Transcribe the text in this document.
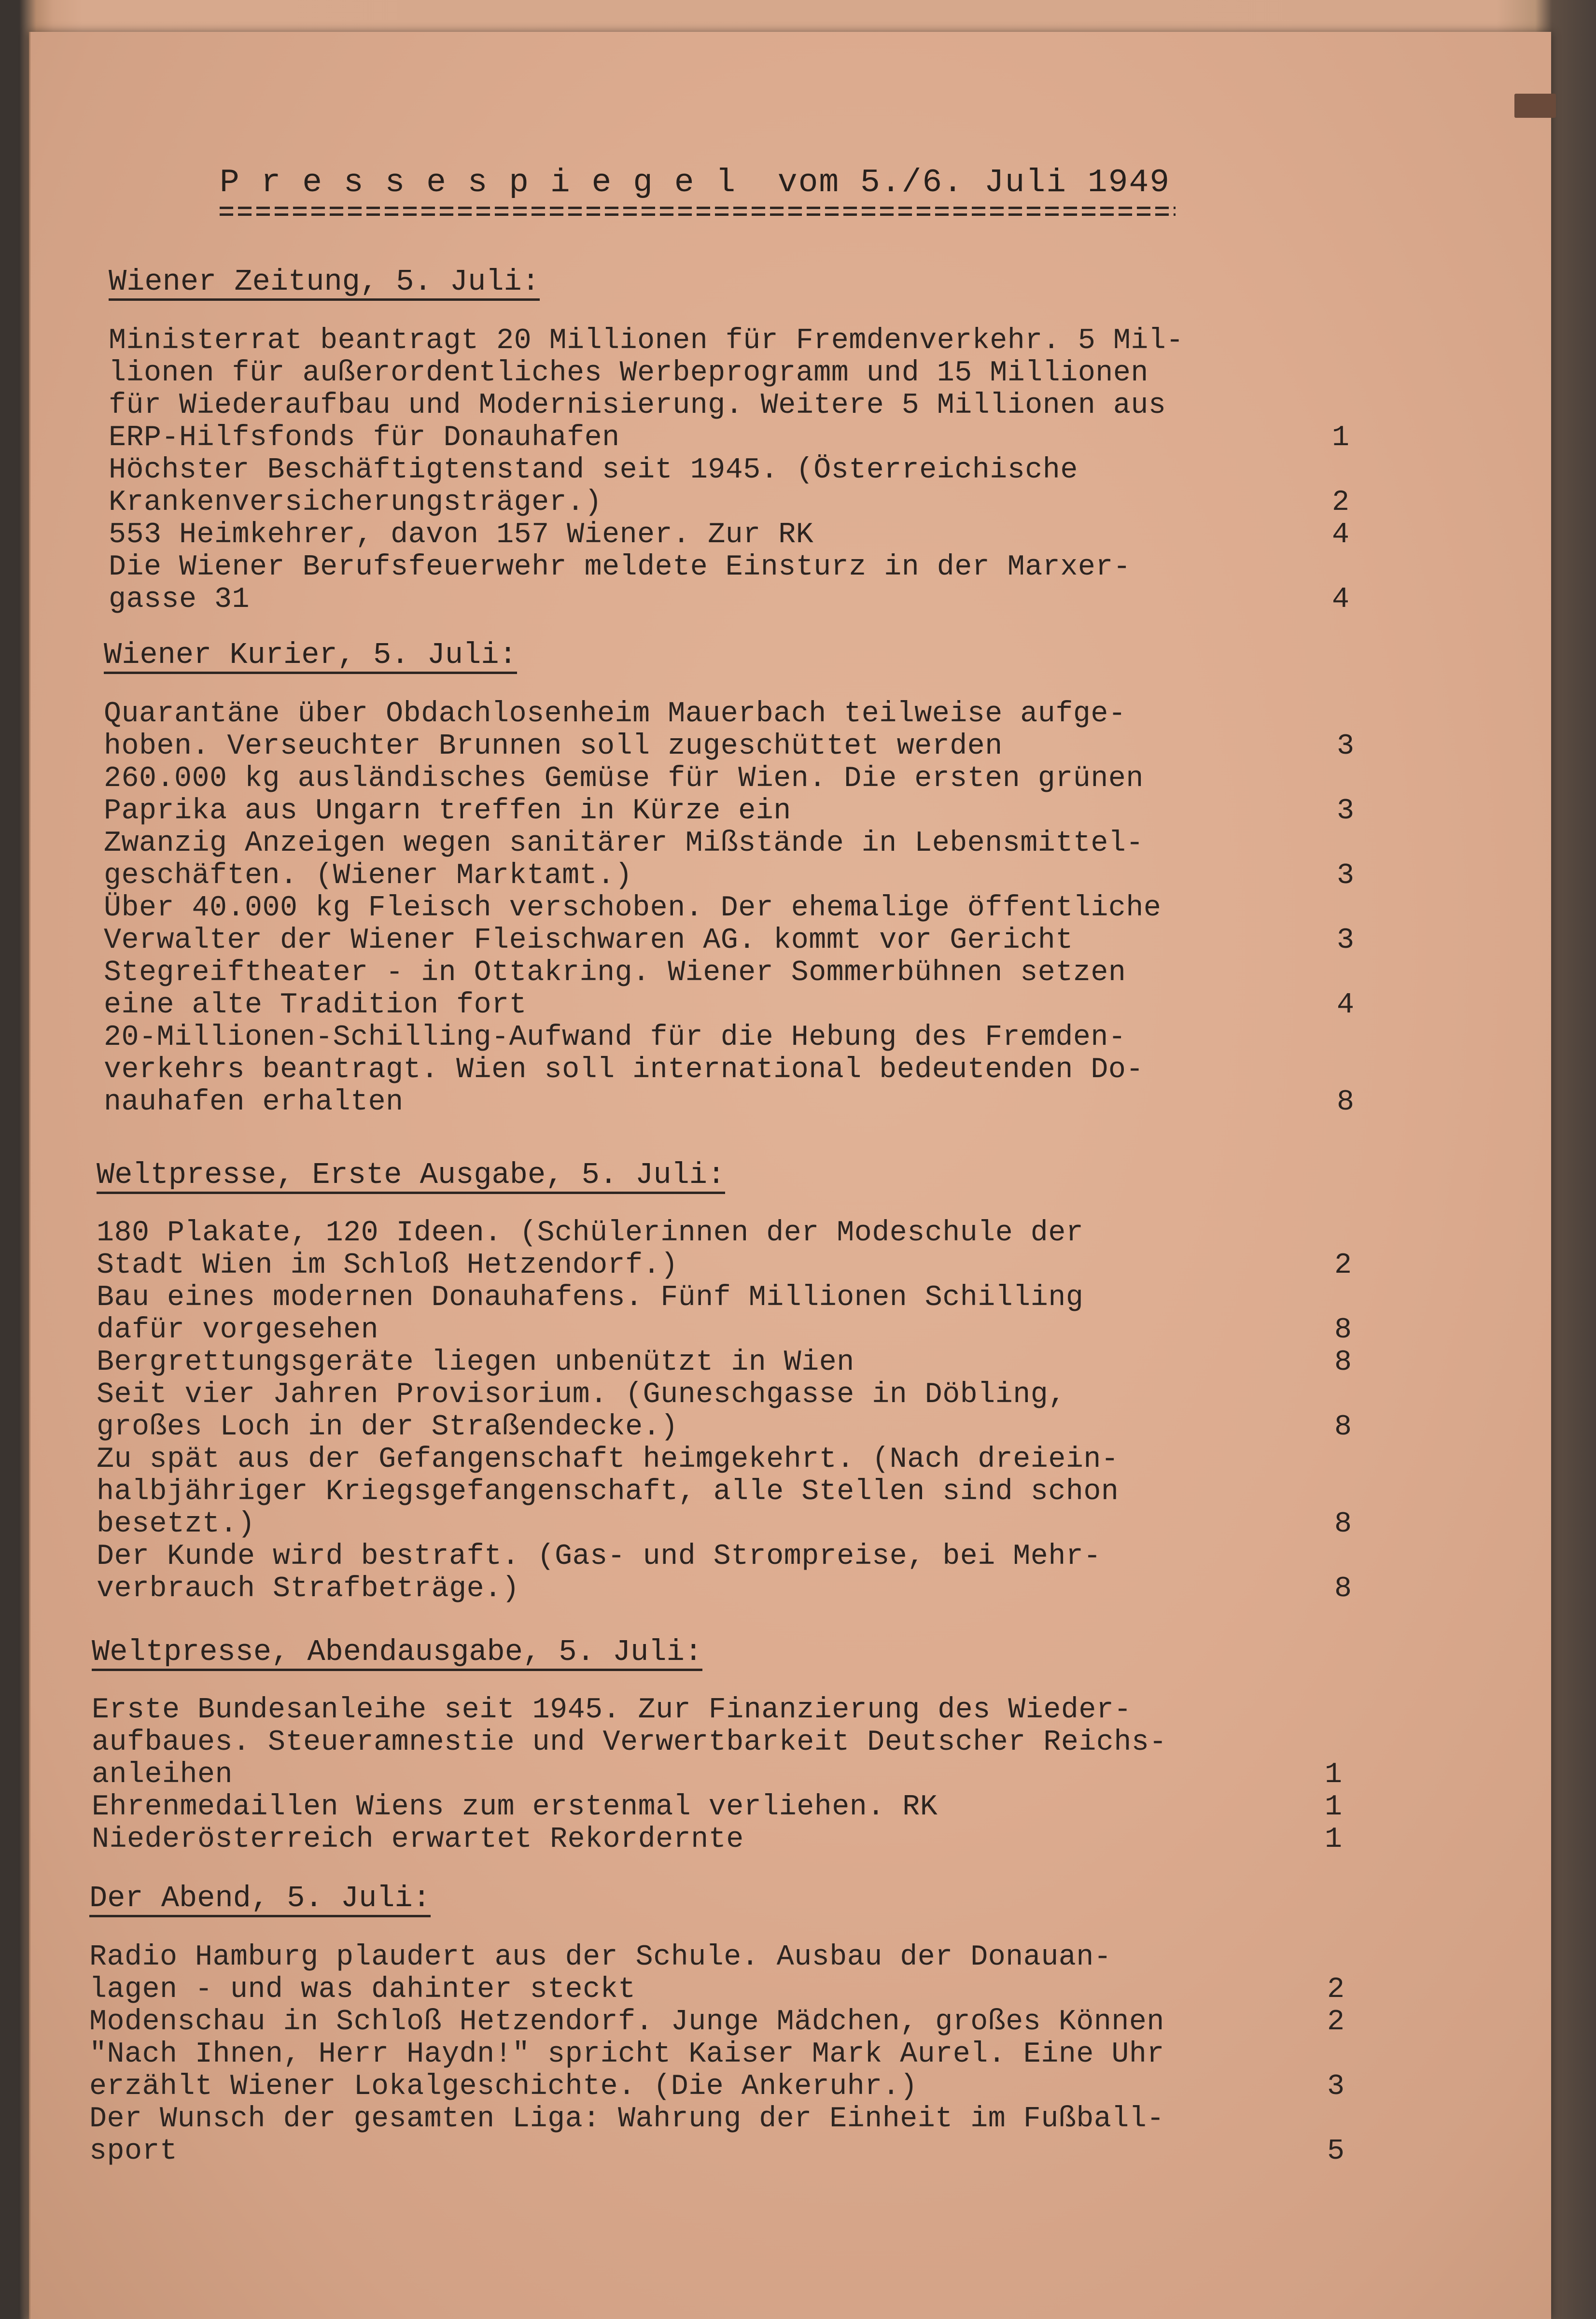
P r e s s e s p i e g e l  vom 5./6. Juli 1949
Wiener Zeitung, 5. Juli:
Ministerrat beantragt 20 Millionen für Fremdenverkehr. 5 Mil-
lionen für außerordentliches Werbeprogramm und 15 Millionen
für Wiederaufbau und Modernisierung. Weitere 5 Millionen aus
ERP-Hilfsfonds für Donauhafen	1
Höchster Beschäftigtenstand seit 1945. (Österreichische
Krankenversicherungsträger.)	2
553 Heimkehrer, davon 157 Wiener. Zur RK	4
Die Wiener Berufsfeuerwehr meldete Einsturz in der Marxer-
gasse 31	4
Wiener Kurier, 5. Juli:
Quarantäne über Obdachlosenheim Mauerbach teilweise aufge-
hoben. Verseuchter Brunnen soll zugeschüttet werden	3
260.000 kg ausländisches Gemüse für Wien. Die ersten grünen
Paprika aus Ungarn treffen in Kürze ein	3
Zwanzig Anzeigen wegen sanitärer Mißstände in Lebensmittel-
geschäften. (Wiener Marktamt.)	3
Über 40.000 kg Fleisch verschoben. Der ehemalige öffentliche
Verwalter der Wiener Fleischwaren AG. kommt vor Gericht	3
Stegreiftheater - in Ottakring. Wiener Sommerbühnen setzen
eine alte Tradition fort	4
20-Millionen-Schilling-Aufwand für die Hebung des Fremden-
verkehrs beantragt. Wien soll international bedeutenden Do-
nauhafen erhalten	8
Weltpresse, Erste Ausgabe, 5. Juli:
180 Plakate, 120 Ideen. (Schülerinnen der Modeschule der
Stadt Wien im Schloß Hetzendorf.)	2
Bau eines modernen Donauhafens. Fünf Millionen Schilling
dafür vorgesehen	8
Bergrettungsgeräte liegen unbenützt in Wien	8
Seit vier Jahren Provisorium. (Guneschgasse in Döbling,
großes Loch in der Straßendecke.)	8
Zu spät aus der Gefangenschaft heimgekehrt. (Nach dreiein-
halbjähriger Kriegsgefangenschaft, alle Stellen sind schon
besetzt.)	8
Der Kunde wird bestraft. (Gas- und Strompreise, bei Mehr-
verbrauch Strafbeträge.)	8
Weltpresse, Abendausgabe, 5. Juli:
Erste Bundesanleihe seit 1945. Zur Finanzierung des Wieder-
aufbaues. Steueramnestie und Verwertbarkeit Deutscher Reichs-
anleihen	1
Ehrenmedaillen Wiens zum erstenmal verliehen. RK	1
Niederösterreich erwartet Rekordernte	1
Der Abend, 5. Juli:
Radio Hamburg plaudert aus der Schule. Ausbau der Donauan-
lagen - und was dahinter steckt	2
Modenschau in Schloß Hetzendorf. Junge Mädchen, großes Können	2
"Nach Ihnen, Herr Haydn!" spricht Kaiser Mark Aurel. Eine Uhr
erzählt Wiener Lokalgeschichte. (Die Ankeruhr.)	3
Der Wunsch der gesamten Liga: Wahrung der Einheit im Fußball-
sport	5
